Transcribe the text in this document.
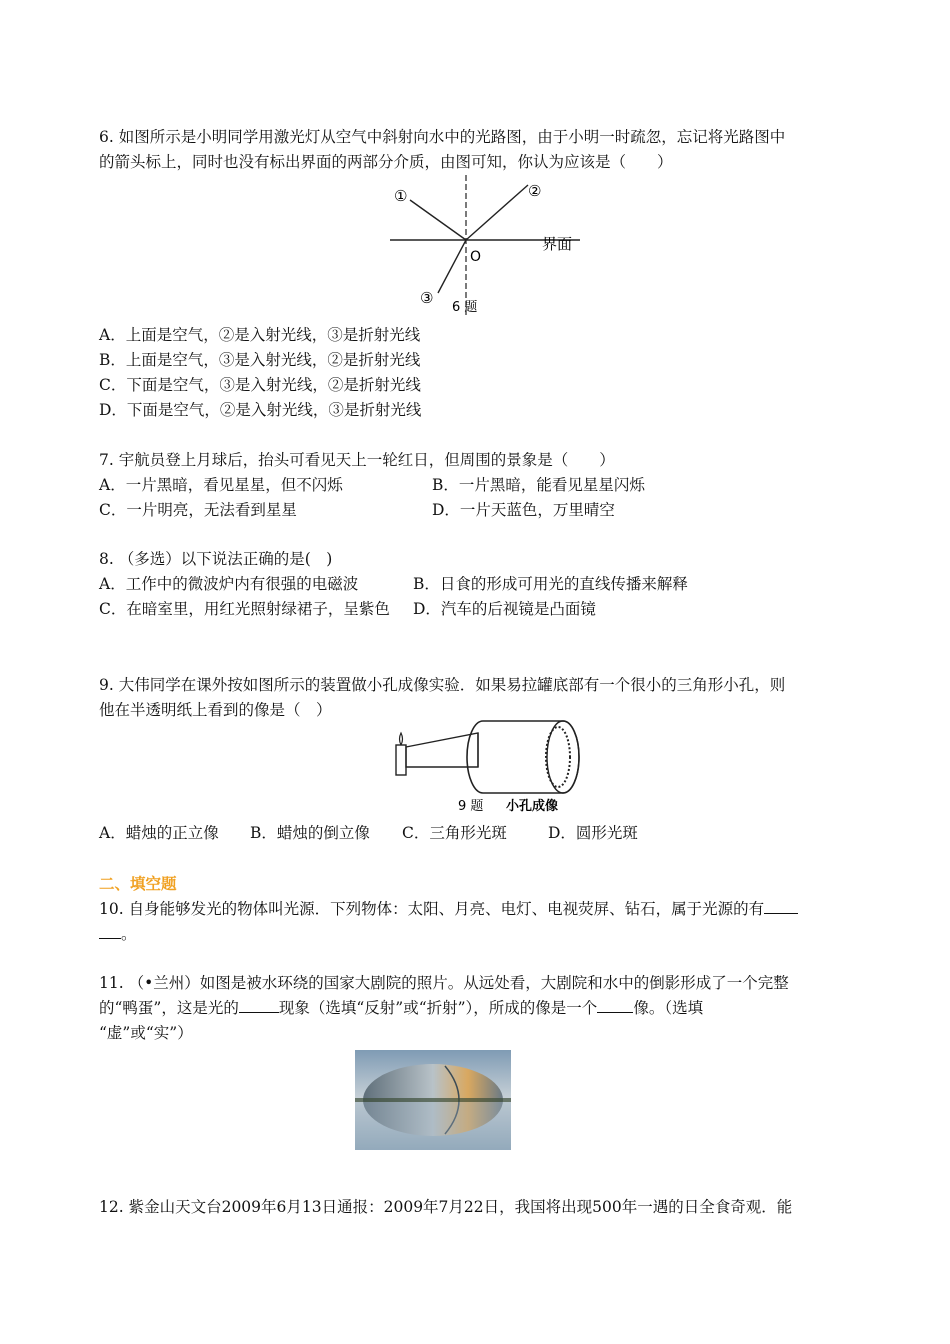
6. 如图所示是小明同学用激光灯从空气中斜射向水中的光路图，由于小明一时疏忽，忘记将光路图中
的箭头标上，同时也没有标出界面的两部分介质，由图可知，你认为应该是（　　）
①	②
③
界面
O
6 题
A．上面是空气，②是入射光线，③是折射光线
B．上面是空气，③是入射光线，②是折射光线
C．下面是空气，③是入射光线，②是折射光线
D．下面是空气，②是入射光线，③是折射光线
7. 宇航员登上月球后，抬头可看见天上一轮红日，但周围的景象是（　　）
A．一片黑暗，看见星星，但不闪烁	B．一片黑暗，能看见星星闪烁
C．一片明亮，无法看到星星	D．一片天蓝色，万里晴空
8. （多选）以下说法正确的是(　)
A．工作中的微波炉内有很强的电磁波	B．日食的形成可用光的直线传播来解释
C．在暗室里，用红光照射绿裙子，呈紫色 D．汽车的后视镜是凸面镜
9. 大伟同学在课外按如图所示的装置做小孔成像实验．如果易拉罐底部有一个很小的三角形小孔，则
他在半透明纸上看到的像是（　）
9 题 小孔成像
A．蜡烛的正立像 B．蜡烛的倒立像 C．三角形光斑	D．圆形光斑
二、填空题
10. 自身能够发光的物体叫光源．下列物体：太阳、月亮、电灯、电视荧屏、钻石，属于光源的有
。
11. （•兰州）如图是被水环绕的国家大剧院的照片。从远处看，大剧院和水中的倒影形成了一个完整
的“鸭蛋”，这是光的	现象（选填“反射”或“折射”），所成的像是一个 像。（选填
“虚”或“实”）
12. 紫金山天文台2009年6月13日通报：2009年7月22日，我国将出现500年一遇的日全食奇观．能
